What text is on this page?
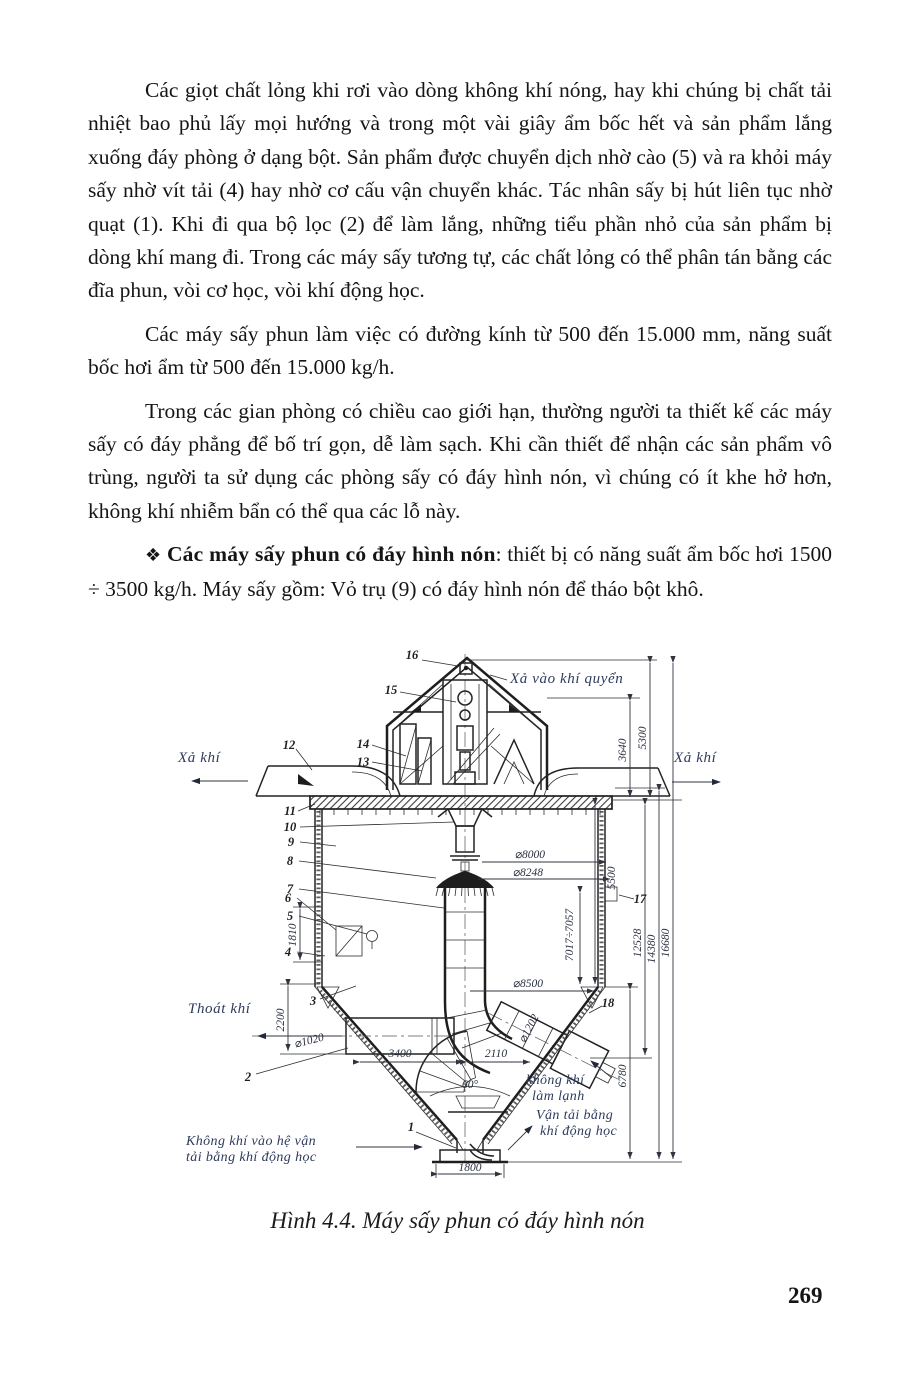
Các giọt chất lỏng khi rơi vào dòng không khí nóng, hay khi chúng bị chất tải nhiệt bao phủ lấy mọi hướng và trong một vài giây ẩm bốc hết và sản phẩm lắng xuống đáy phòng ở dạng bột. Sản phẩm được chuyển dịch nhờ cào (5) và ra khỏi máy sấy nhờ vít tải (4) hay nhờ cơ cấu vận chuyển khác. Tác nhân sấy bị hút liên tục nhờ quạt (1). Khi đi qua bộ lọc (2) để làm lắng, những tiểu phần nhỏ của sản phẩm bị dòng khí mang đi. Trong các máy sấy tương tự, các chất lỏng có thể phân tán bằng các đĩa phun, vòi cơ học, vòi khí động học.

Các máy sấy phun làm việc có đường kính từ 500 đến 15.000 mm, năng suất bốc hơi ẩm từ 500 đến 15.000 kg/h.

Trong các gian phòng có chiều cao giới hạn, thường người ta thiết kế các máy sấy có đáy phẳng để bố trí gọn, dễ làm sạch. Khi cần thiết để nhận các sản phẩm vô trùng, người ta sử dụng các phòng sấy có đáy hình nón, vì chúng có ít khe hở hơn, không khí nhiễm bẩn có thể qua các lỗ này.

❖ Các máy sấy phun có đáy hình nón: thiết bị có năng suất ẩm bốc hơi 1500 ÷ 3500 kg/h. Máy sấy gồm: Vỏ trụ (9) có đáy hình nón để tháo bột khô.

3640
5300
5500
7017÷7057
6780
12528 14380 16680
2200
1810
3400	2110
60°
1800
⌀8000
⌀8248
⌀8500
⌀1020	⌀1202
16
15
14
13
12
11
10
9
8
7
6
5
4
3
2
1
17
18
Xả vào khí quyển
Xả khí	Xả khí
Thoát khí
không khí
làm lạnh
Vận tải bằng
khí động học
Không khí vào hệ vận
tải bằng khí động học
Hình 4.4. Máy sấy phun có đáy hình nón
269
